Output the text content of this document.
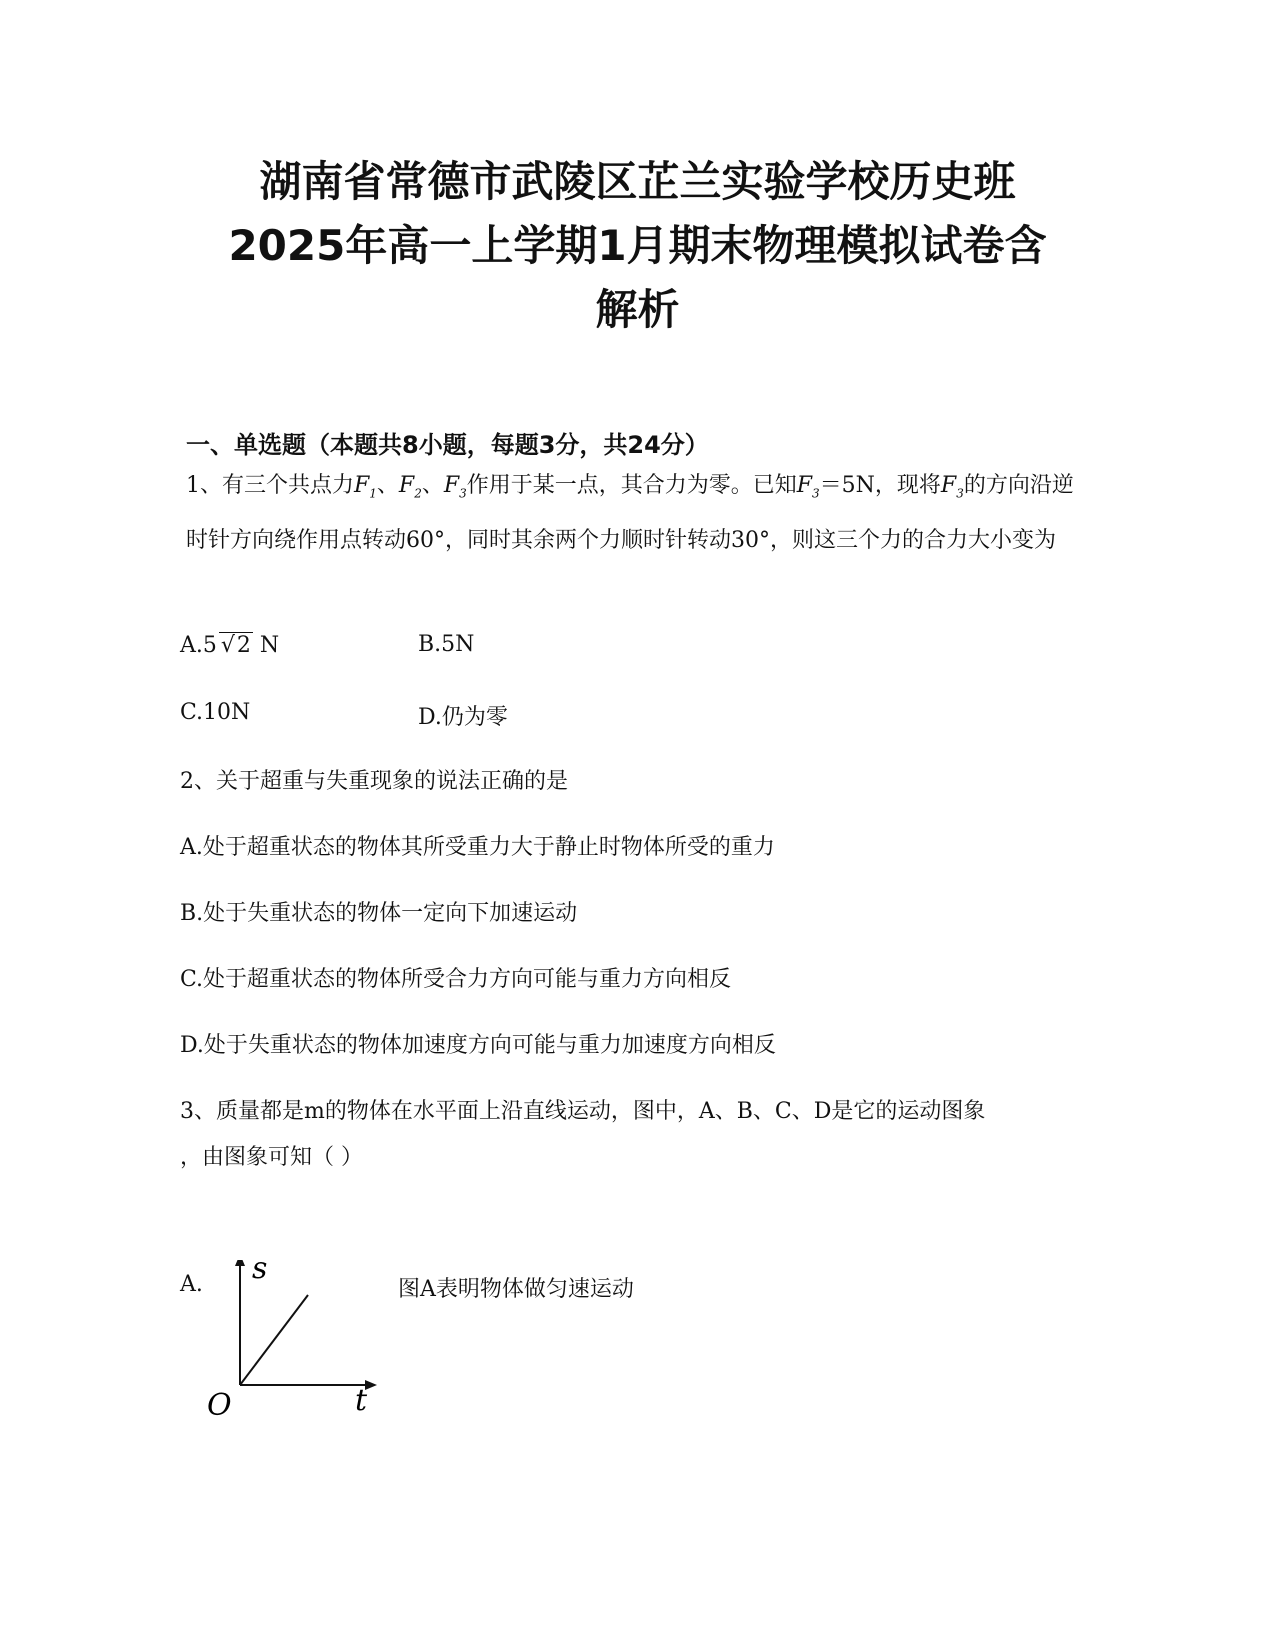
湖南省常德市武陵区芷兰实验学校历史班
2025年高一上学期1月期末物理模拟试卷含
解析
一、单选题（本题共8小题，每题3分，共24分）

1、有三个共点力$F_1$、$F_2$、$F_3$作用于某一点，其合力为零。已知$F_3=5N$，现将$F_3$的方向沿逆时针方向绕作用点转动60°，同时其余两个力顺时针转动30°，则这三个力的合力大小变为

A.5 √2 N	B.5N

C.10N	D.仍为零

2、关于超重与失重现象的说法正确的是

A.处于超重状态的物体其所受重力大于静止时物体所受的重力

B.处于失重状态的物体一定向下加速运动

C.处于超重状态的物体所受合力方向可能与重力方向相反

D.处于失重状态的物体加速度方向可能与重力加速度方向相反

3、质量都是m的物体在水平面上沿直线运动，图中，A、B、C、D是它的运动图象

，由图象可知（ ）

A. s
t
O

图A表明物体做匀速运动
